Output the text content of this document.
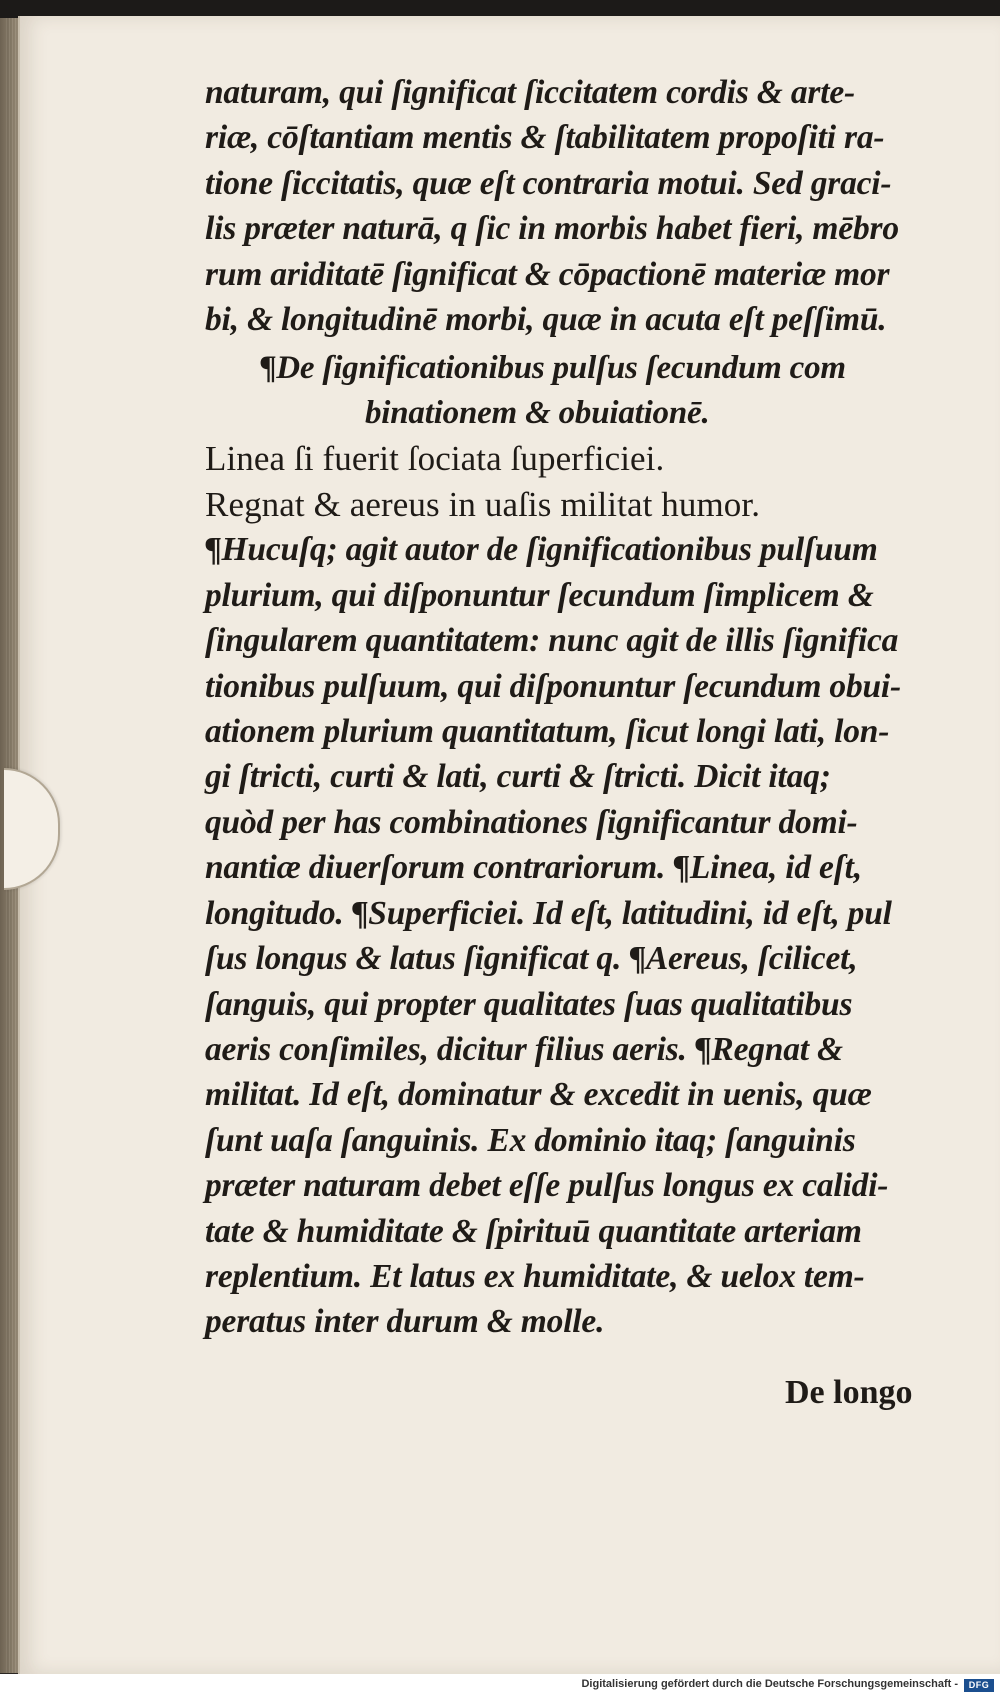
naturam, qui ſignificat ſiccitatem cordis & arte-
riæ, cōſtantiam mentis & ſtabilitatem propoſiti ra-
tione ſiccitatis, quæ eſt contraria motui. Sed graci-
lis præter naturā, q ſic in morbis habet fieri, mēbro
rum ariditatē ſignificat & cōpactionē materiæ mor
bi, & longitudinē morbi, quæ in acuta eſt peſſimū.
¶De ſignificationibus pulſus ſecundum com
binationem & obuiationē.
Linea ſi fuerit ſociata ſuperficiei.
Regnat & aereus in uaſis militat humor.
¶Hucuſq; agit autor de ſignificationibus pulſuum
plurium, qui diſponuntur ſecundum ſimplicem &
ſingularem quantitatem: nunc agit de illis ſignifica
tionibus pulſuum, qui diſponuntur ſecundum obui-
ationem plurium quantitatum, ſicut longi lati, lon-
gi ſtricti, curti & lati, curti & ſtricti. Dicit itaq;
quòd per has combinationes ſignificantur domi-
nantiæ diuerſorum contrariorum. ¶Linea, id eſt,
longitudo. ¶Superficiei. Id eſt, latitudini, id eſt, pul
ſus longus & latus ſignificat q. ¶Aereus, ſcilicet,
ſanguis, qui propter qualitates ſuas qualitatibus
aeris conſimiles, dicitur filius aeris. ¶Regnat &
militat. Id eſt, dominatur & excedit in uenis, quæ
ſunt uaſa ſanguinis. Ex dominio itaq; ſanguinis
præter naturam debet eſſe pulſus longus ex calidi-
tate & humiditate & ſpirituū quantitate arteriam
replentium. Et latus ex humiditate, & uelox tem-
peratus inter durum & molle.
De longo
Digitalisierung gefördert durch die Deutsche Forschungsgemeinschaft -	DFG
